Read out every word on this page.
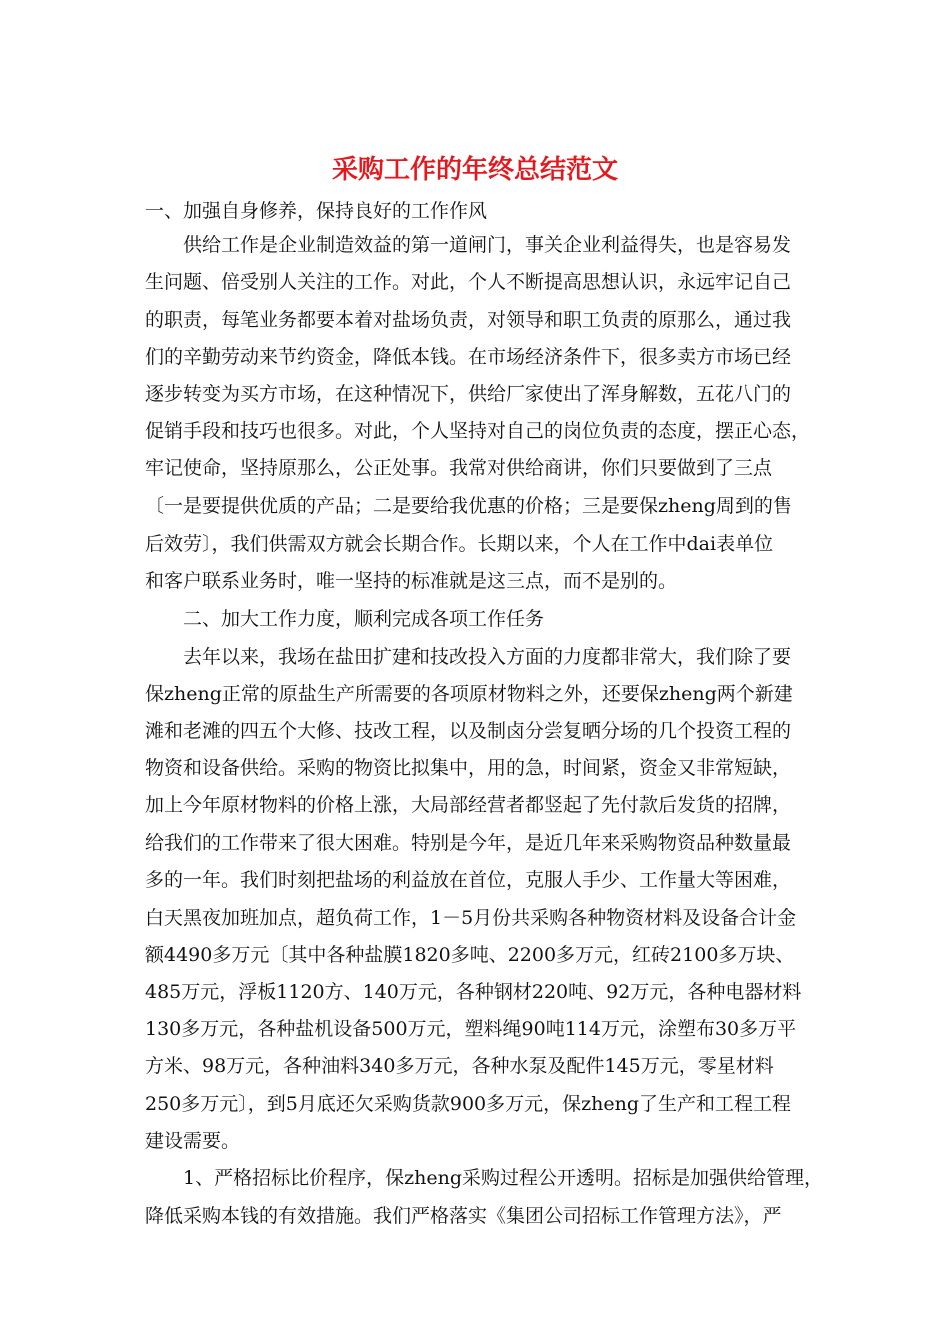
采购工作的年终总结范文
一、加强自身修养，保持良好的工作作风
供给工作是企业制造效益的第一道闸门，事关企业利益得失，也是容易发
生问题、倍受别人关注的工作。对此，个人不断提高思想认识，永远牢记自己
的职责，每笔业务都要本着对盐场负责，对领导和职工负责的原那么，通过我
们的辛勤劳动来节约资金，降低本钱。在市场经济条件下，很多卖方市场已经
逐步转变为买方市场，在这种情况下，供给厂家使出了浑身解数，五花八门的
促销手段和技巧也很多。对此，个人坚持对自己的岗位负责的态度，摆正心态，
牢记使命，坚持原那么，公正处事。我常对供给商讲，你们只要做到了三点
〔一是要提供优质的产品；二是要给我优惠的价格；三是要保zheng周到的售
后效劳〕，我们供需双方就会长期合作。长期以来，个人在工作中dai表单位
和客户联系业务时，唯一坚持的标准就是这三点，而不是别的。
二、加大工作力度，顺利完成各项工作任务
去年以来，我场在盐田扩建和技改投入方面的力度都非常大，我们除了要
保zheng正常的原盐生产所需要的各项原材物料之外，还要保zheng两个新建
滩和老滩的四五个大修、技改工程，以及制卤分尝复晒分场的几个投资工程的
物资和设备供给。采购的物资比拟集中，用的急，时间紧，资金又非常短缺，
加上今年原材物料的价格上涨，大局部经营者都竖起了先付款后发货的招牌，
给我们的工作带来了很大困难。特别是今年，是近几年来采购物资品种数量最
多的一年。我们时刻把盐场的利益放在首位，克服人手少、工作量大等困难，
白天黑夜加班加点，超负荷工作，1－5月份共采购各种物资材料及设备合计金
额4490多万元〔其中各种盐膜1820多吨、2200多万元，红砖2100多万块、
485万元，浮板1120方、140万元，各种钢材220吨、92万元，各种电器材料
130多万元，各种盐机设备500万元，塑料绳90吨114万元，涂塑布30多万平
方米、98万元，各种油料340多万元，各种水泵及配件145万元，零星材料
250多万元〕，到5月底还欠采购货款900多万元，保zheng了生产和工程工程
建设需要。
1、严格招标比价程序，保zheng采购过程公开透明。招标是加强供给管理，
降低采购本钱的有效措施。我们严格落实《集团公司招标工作管理方法》，严
